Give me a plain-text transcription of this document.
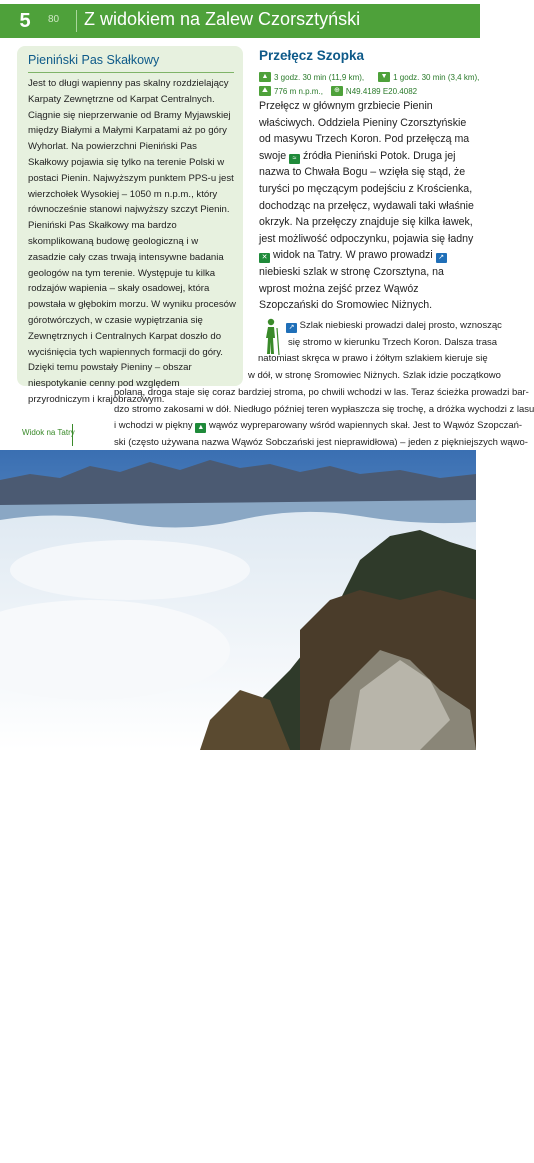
5	80 Z widokiem na Zalew Czorsztyński
Pieniński Pas Skałkowy

Jest to długi wapienny pas skalny rozdzielający Karpaty Zewnętrzne od Karpat Centralnych. Ciągnie się nieprzerwanie od Bramy Myjawskiej między Białymi a Małymi Karpatami aż po góry Wyhorlat. Na powierzchni Pieniński Pas Skałkowy pojawia się tylko na terenie Polski w postaci Pienin. Najwyższym punktem PPS-u jest wierzchołek Wysokiej – 1050 m n.p.m., który równocześnie stanowi najwyższy szczyt Pienin. Pieniński Pas Skałkowy ma bardzo skomplikowaną budowę geologiczną i w zasadzie cały czas trwają intensywne badania geologów na tym terenie. Występuje tu kilka rodzajów wapienia – skały osadowej, która powstała w głębokim morzu. W wyniku procesów górotwórczych, w czasie wypiętrzania się Zewnętrznych i Centralnych Karpat doszło do wyciśnięcia tych wapiennych formacji do góry. Dzięki temu powstały Pieniny – obszar niespotykanie cenny pod względem przyrodniczym i krajobrazowym.

Przełęcz Szopka
▲ 3 godz. 30 min (11,9 km),	▼ 1 godz. 30 min (3,4 km),
⛰ 776 m n.p.m.,	⊕ N49.4189 E20.4082

Przełęcz w głównym grzbiecie Pienin właściwych. Oddziela Pieniny Czorsztyńskie od masywu Trzech Koron. Pod przełęczą ma swoje ≈ źródła Pieniński Potok. Druga jej nazwa to Chwała Bogu – wzięła się stąd, że turyści po męczącym podejściu z Krościenka, dochodząc na przełęcz, wydawali taki właśnie okrzyk. Na przełęczy znajduje się kilka ławek, jest możliwość odpoczynku, pojawia się ładny ✕ widok na Tatry. W prawo prowadzi ↗ niebieski szlak w stronę Czorsztyna, na wprost można zejść przez Wąwóz Szopczański do Sromowiec Niżnych.

↗ Szlak niebieski prowadzi dalej prosto, wznosząc
się stromo w kierunku Trzech Koron. Dalsza trasa
natomiast skręca w prawo i żółtym szlakiem kieruje się
w dół, w stronę Sromowiec Niżnych. Szlak idzie początkowo
polaną, droga staje się coraz bardziej stroma, po chwili wchodzi w las. Teraz ścieżka prowadzi bar-
dzo stromo zakosami w dół. Niedługo później teren wypłaszcza się trochę, a dróżka wychodzi z lasu
i wchodzi w piękny ▲ wąwóz wypreparowany wśród wapiennych skał. Jest to Wąwóz Szopczań-
ski (często używana nazwa Wąwóz Sobczański jest nieprawidłowa) – jeden z piękniejszych wąwo-
Widok na Tatry
Marek Majerczak
